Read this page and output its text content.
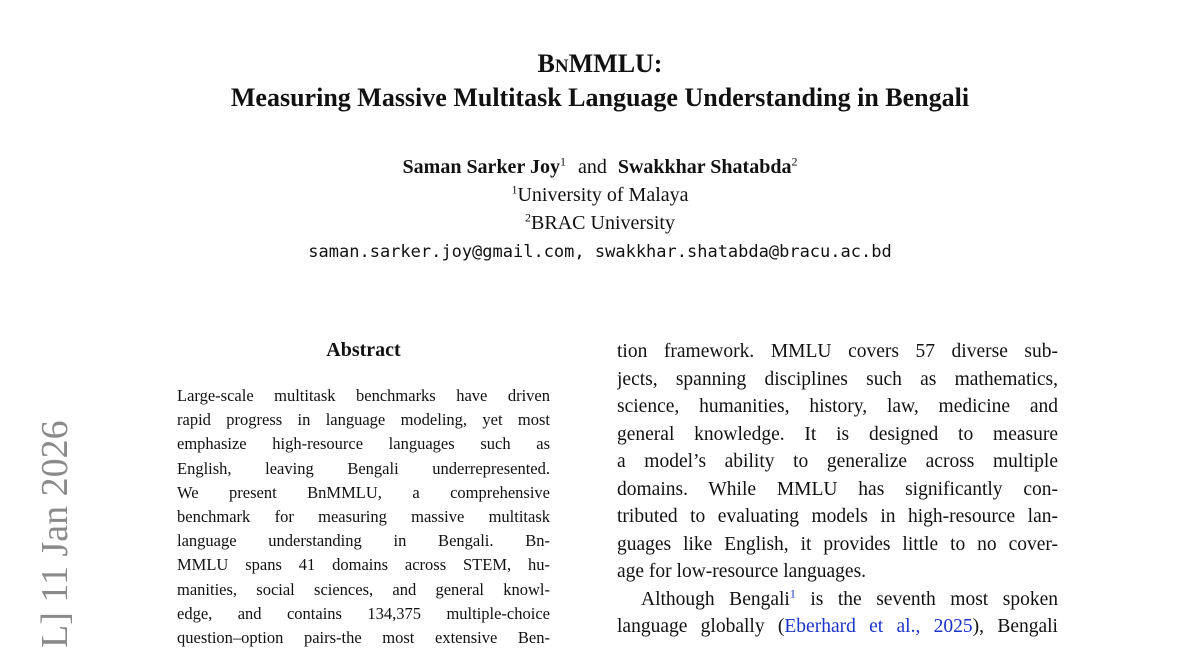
BNMMLU:
Measuring Massive Multitask Language Understanding in Bengali
Saman Sarker Joy$^1$ and Swakkhar Shatabda$^2$
$^1$University of Malaya
$^2$BRAC University
saman.sarker.joy@gmail.com, swakkhar.shatabda@bracu.ac.bd
L] 11 Jan 2026
Abstract
Large-scale multitask benchmarks have driven
rapid progress in language modeling, yet most
emphasize high-resource languages such as
English, leaving Bengali underrepresented.
We present BnMMLU, a comprehensive
benchmark for measuring massive multitask
language understanding in Bengali. Bn-
MMLU spans 41 domains across STEM, hu-
manities, social sciences, and general knowl-
edge, and contains 134,375 multiple-choice
question–option pairs-the most extensive Ben-
tion framework. MMLU covers 57 diverse sub-
jects, spanning disciplines such as mathematics,
science, humanities, history, law, medicine and
general knowledge. It is designed to measure
a model’s ability to generalize across multiple
domains. While MMLU has significantly con-
tributed to evaluating models in high-resource lan-
guages like English, it provides little to no cover-
age for low-resource languages.
Although Bengali$^1$ is the seventh most spoken
language globally (Eberhard et al., 2025), Bengali
